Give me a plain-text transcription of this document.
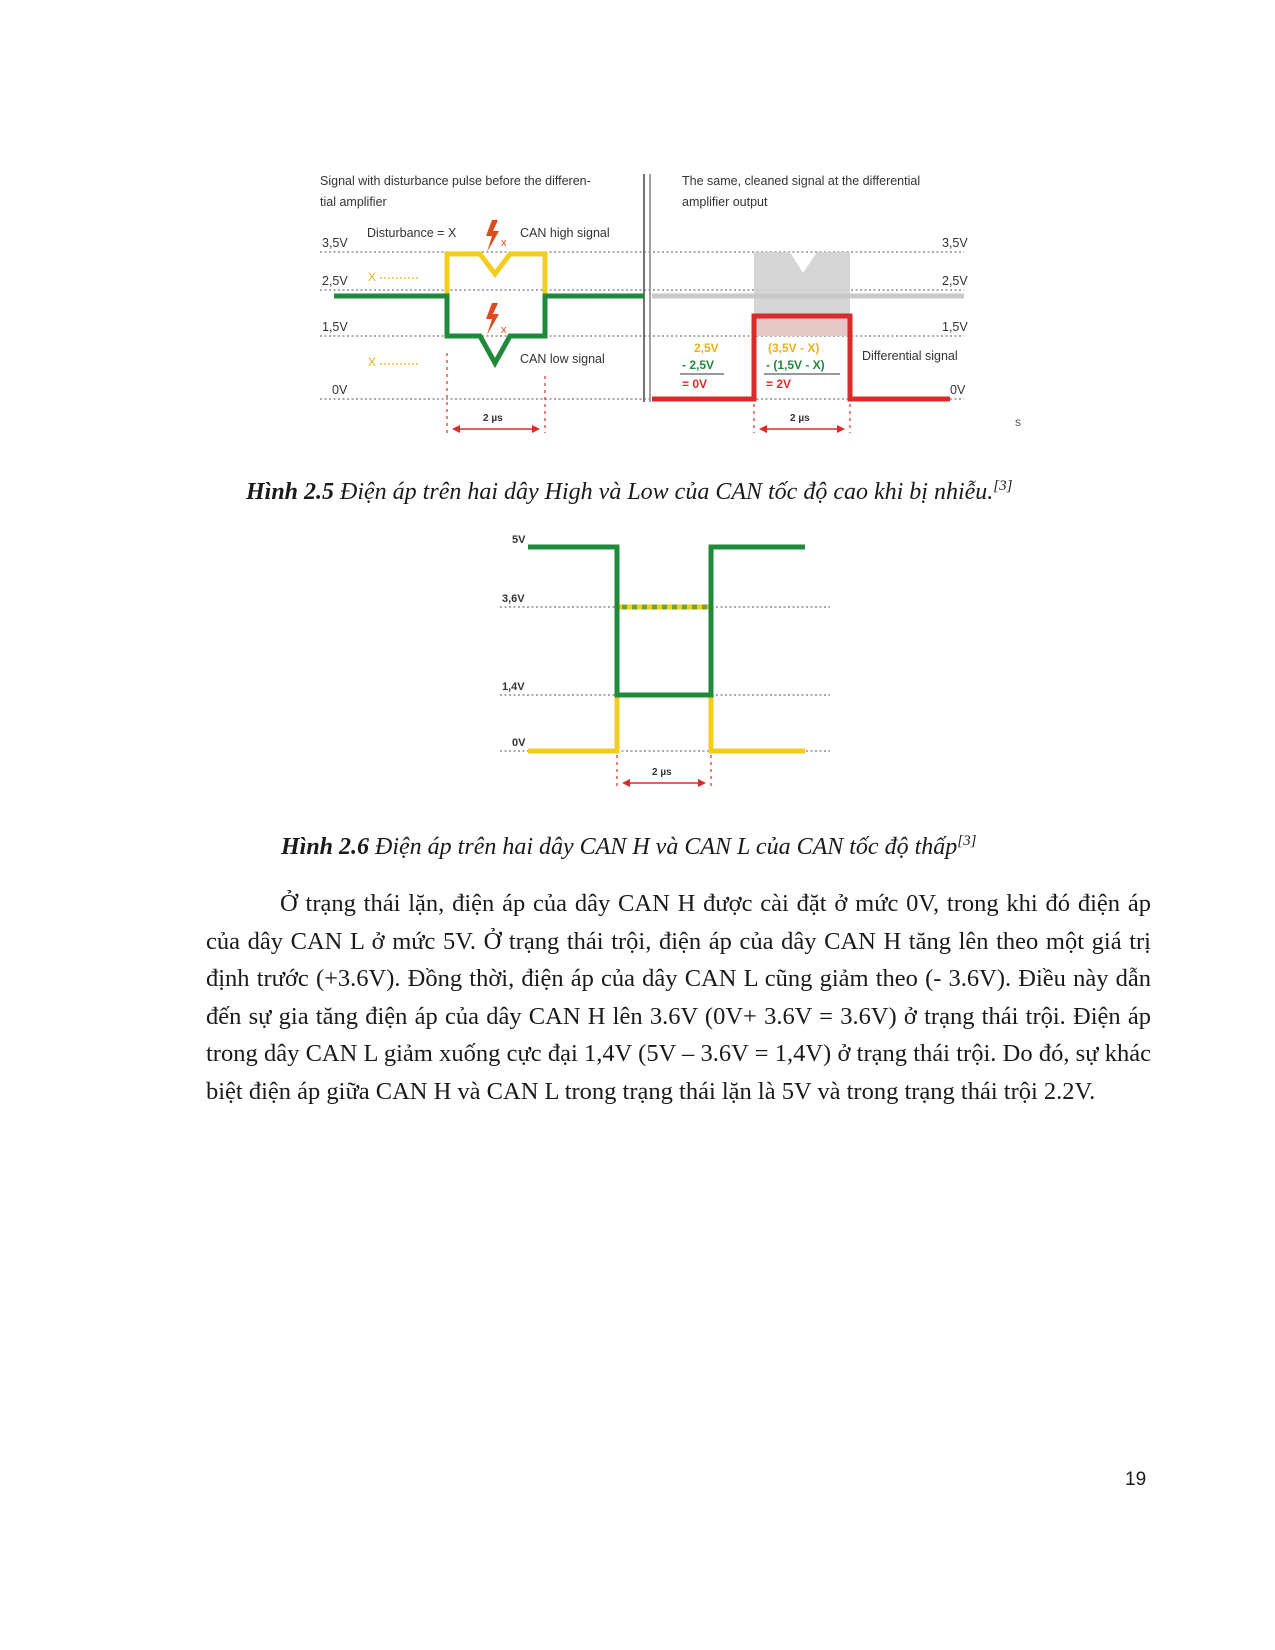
Signal with disturbance pulse before the differen-
tial amplifier
The same, cleaned signal at the differential
amplifier output
3,5V
2,5V
1,5V
0V
3,5V
2,5V
1,5V
0V
Disturbance = X
X
X
x
x
CAN high signal
CAN low signal
2,5V
- 2,5V
= 0V
(3,5V - X)
- (1,5V - X)
= 2V
Differential signal
2 µs	2 µs	s
Hình 2.5 Điện áp trên hai dây High và Low của CAN tốc độ cao khi bị nhiễu.[3]
5V
3,6V
1,4V
0V
2 µs
Hình 2.6 Điện áp trên hai dây CAN H và CAN L của CAN tốc độ thấp[3]
Ở trạng thái lặn, điện áp của dây CAN H được cài đặt ở mức 0V, trong khi đó điện áp của dây CAN L ở mức 5V. Ở trạng thái trội, điện áp của dây CAN H tăng lên theo một giá trị định trước (+3.6V). Đồng thời, điện áp của dây CAN L cũng giảm theo (- 3.6V). Điều này dẫn đến sự gia tăng điện áp của dây CAN H lên 3.6V (0V+ 3.6V = 3.6V) ở trạng thái trội. Điện áp trong dây CAN L giảm xuống cực đại 1,4V (5V – 3.6V = 1,4V) ở trạng thái trội. Do đó, sự khác biệt điện áp giữa CAN H và CAN L trong trạng thái lặn là 5V và trong trạng thái trội 2.2V.
19
